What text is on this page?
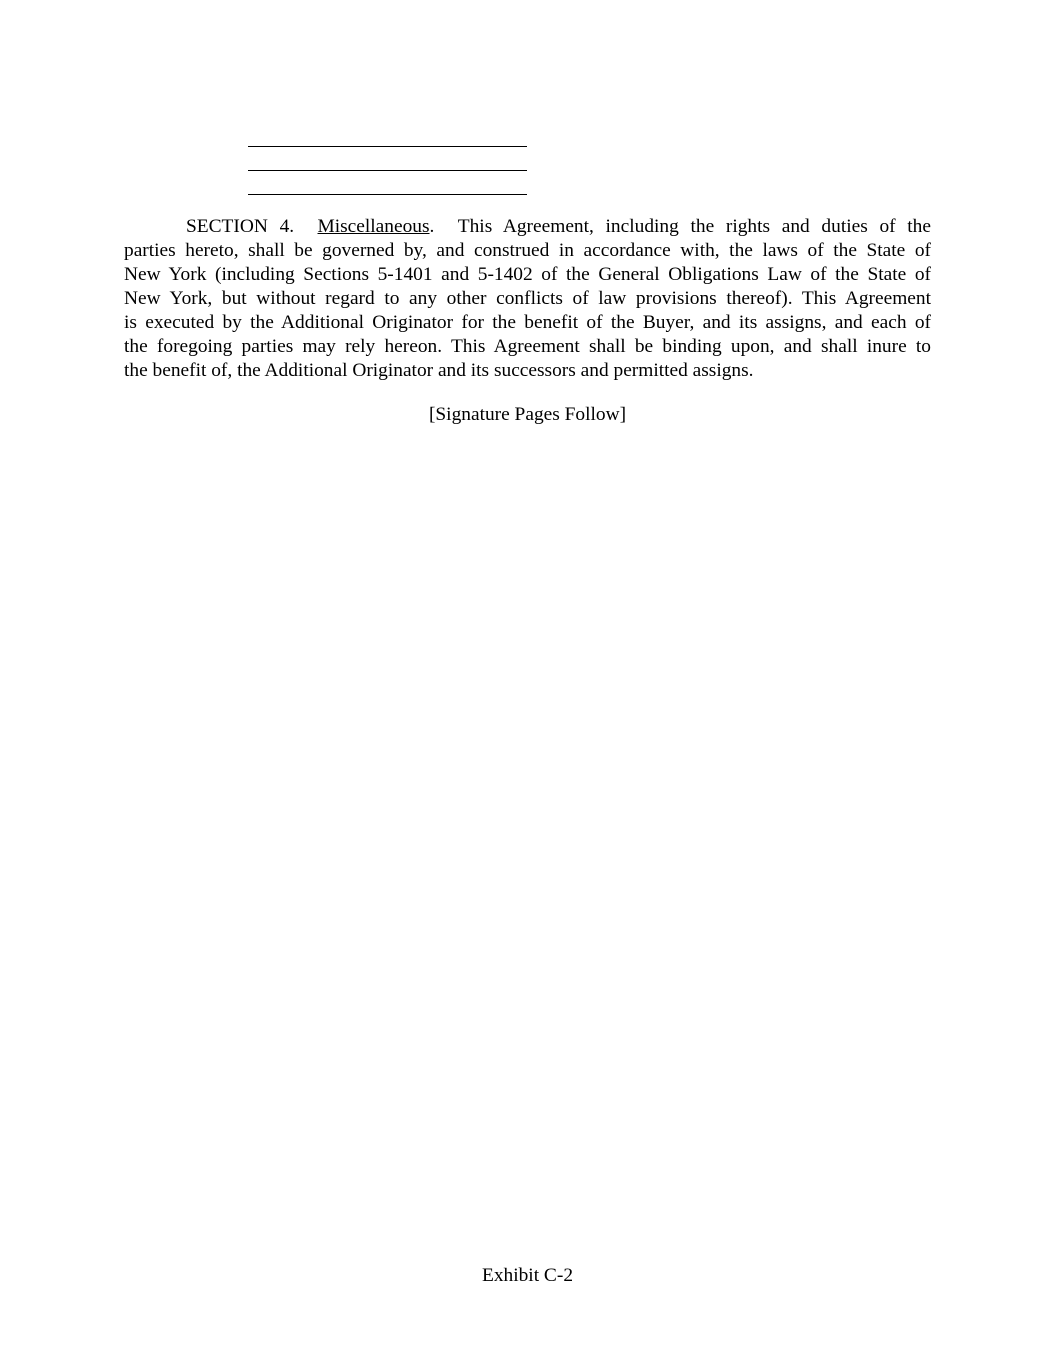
SECTION 4. Miscellaneous. This Agreement, including the rights and duties of the
parties hereto, shall be governed by, and construed in accordance with, the laws of the State of
New York (including Sections 5-1401 and 5-1402 of the General Obligations Law of the State of
New York, but without regard to any other conflicts of law provisions thereof). This Agreement
is executed by the Additional Originator for the benefit of the Buyer, and its assigns, and each of
the foregoing parties may rely hereon. This Agreement shall be binding upon, and shall inure to
the benefit of, the Additional Originator and its successors and permitted assigns.
[Signature Pages Follow]
Exhibit C-2
